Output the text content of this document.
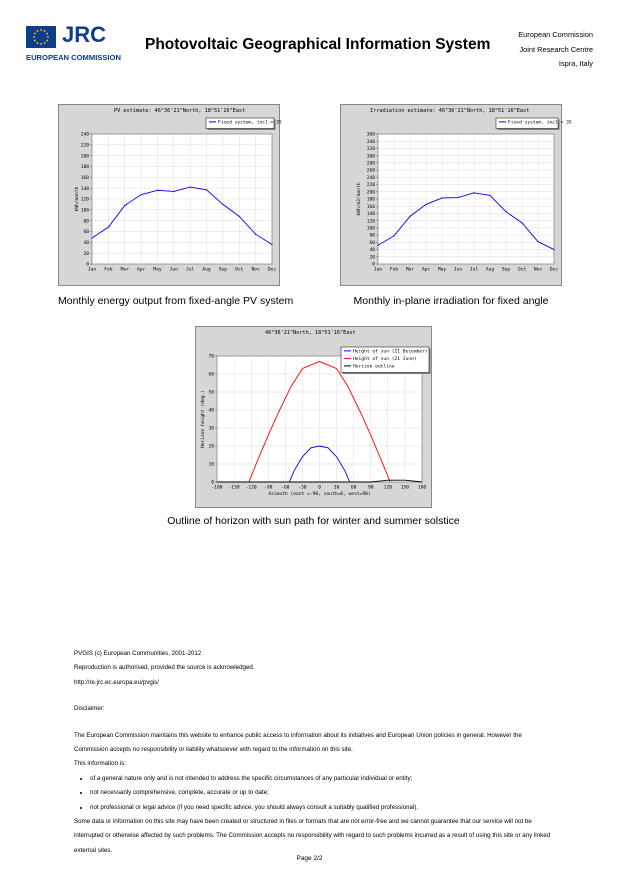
JRC
EUROPEAN COMMISSION
Photovoltaic Geographical Information System
European Commission
Joint Research Centre
Ispra, Italy
PV estimate: 46°36'21"North, 18°51'16"East
0
20
40
60
80
100
120
140
160
180
200
220
240
Jan Feb Mar Apr May Jun Jul Aug Sep Oct Nov Dec
kWh/month
Fixed system, incl.= 35
Monthly energy output from fixed-angle PV system
Irradiation estimate: 46°36'21"North, 18°51'16"East
0
20
40
60
80
100
120
140
160
180
200
220
240
260
280
300
320
340
360
Jan Feb Mar Apr May Jun Jul Aug Sep Oct Nov Dec
kWh/m2/month
Fixed system, incl.= 35
Monthly in-plane irradiation for fixed angle
46°36'21"North, 18°51'16"East
0
10
20
30
40
50
60
70
-180 -150 -120 -90 -60 -30	0	30	60	90 120 150 180
Horizon height (deg.)
Azimuth (east =-90, south=0, west=90)
Height of sun (21 December)
Height of sun (21 June)
Horizon outline
Outline of horizon with sun path for winter and summer solstice

PVGIS (c) European Communities, 2001-2012

Reproduction is authorised, provided the source is acknowledged.

http://re.jrc.ec.europa.eu/pvgis/

Disclaimer:

The European Commission maintains this website to enhance public access to information about its initiatives and European Union policies in general. However the Commission accepts no responsibility or liability whatsoever with regard to the information on this site.

This information is:

• of a general nature only and is not intended to address the specific circumstances of any particular individual or entity;
• not necessarily comprehensive, complete, accurate or up to date;
• not professional or legal advice (if you need specific advice, you should always consult a suitably qualified professional).

Some data or information on this site may have been created or structured in files or formats that are not error-free and we cannot guarantee that our service will not be interrupted or otherwise affected by such problems. The Commission accepts no responsibility with regard to such problems incurred as a result of using this site or any linked external sites.

Page 2/2
